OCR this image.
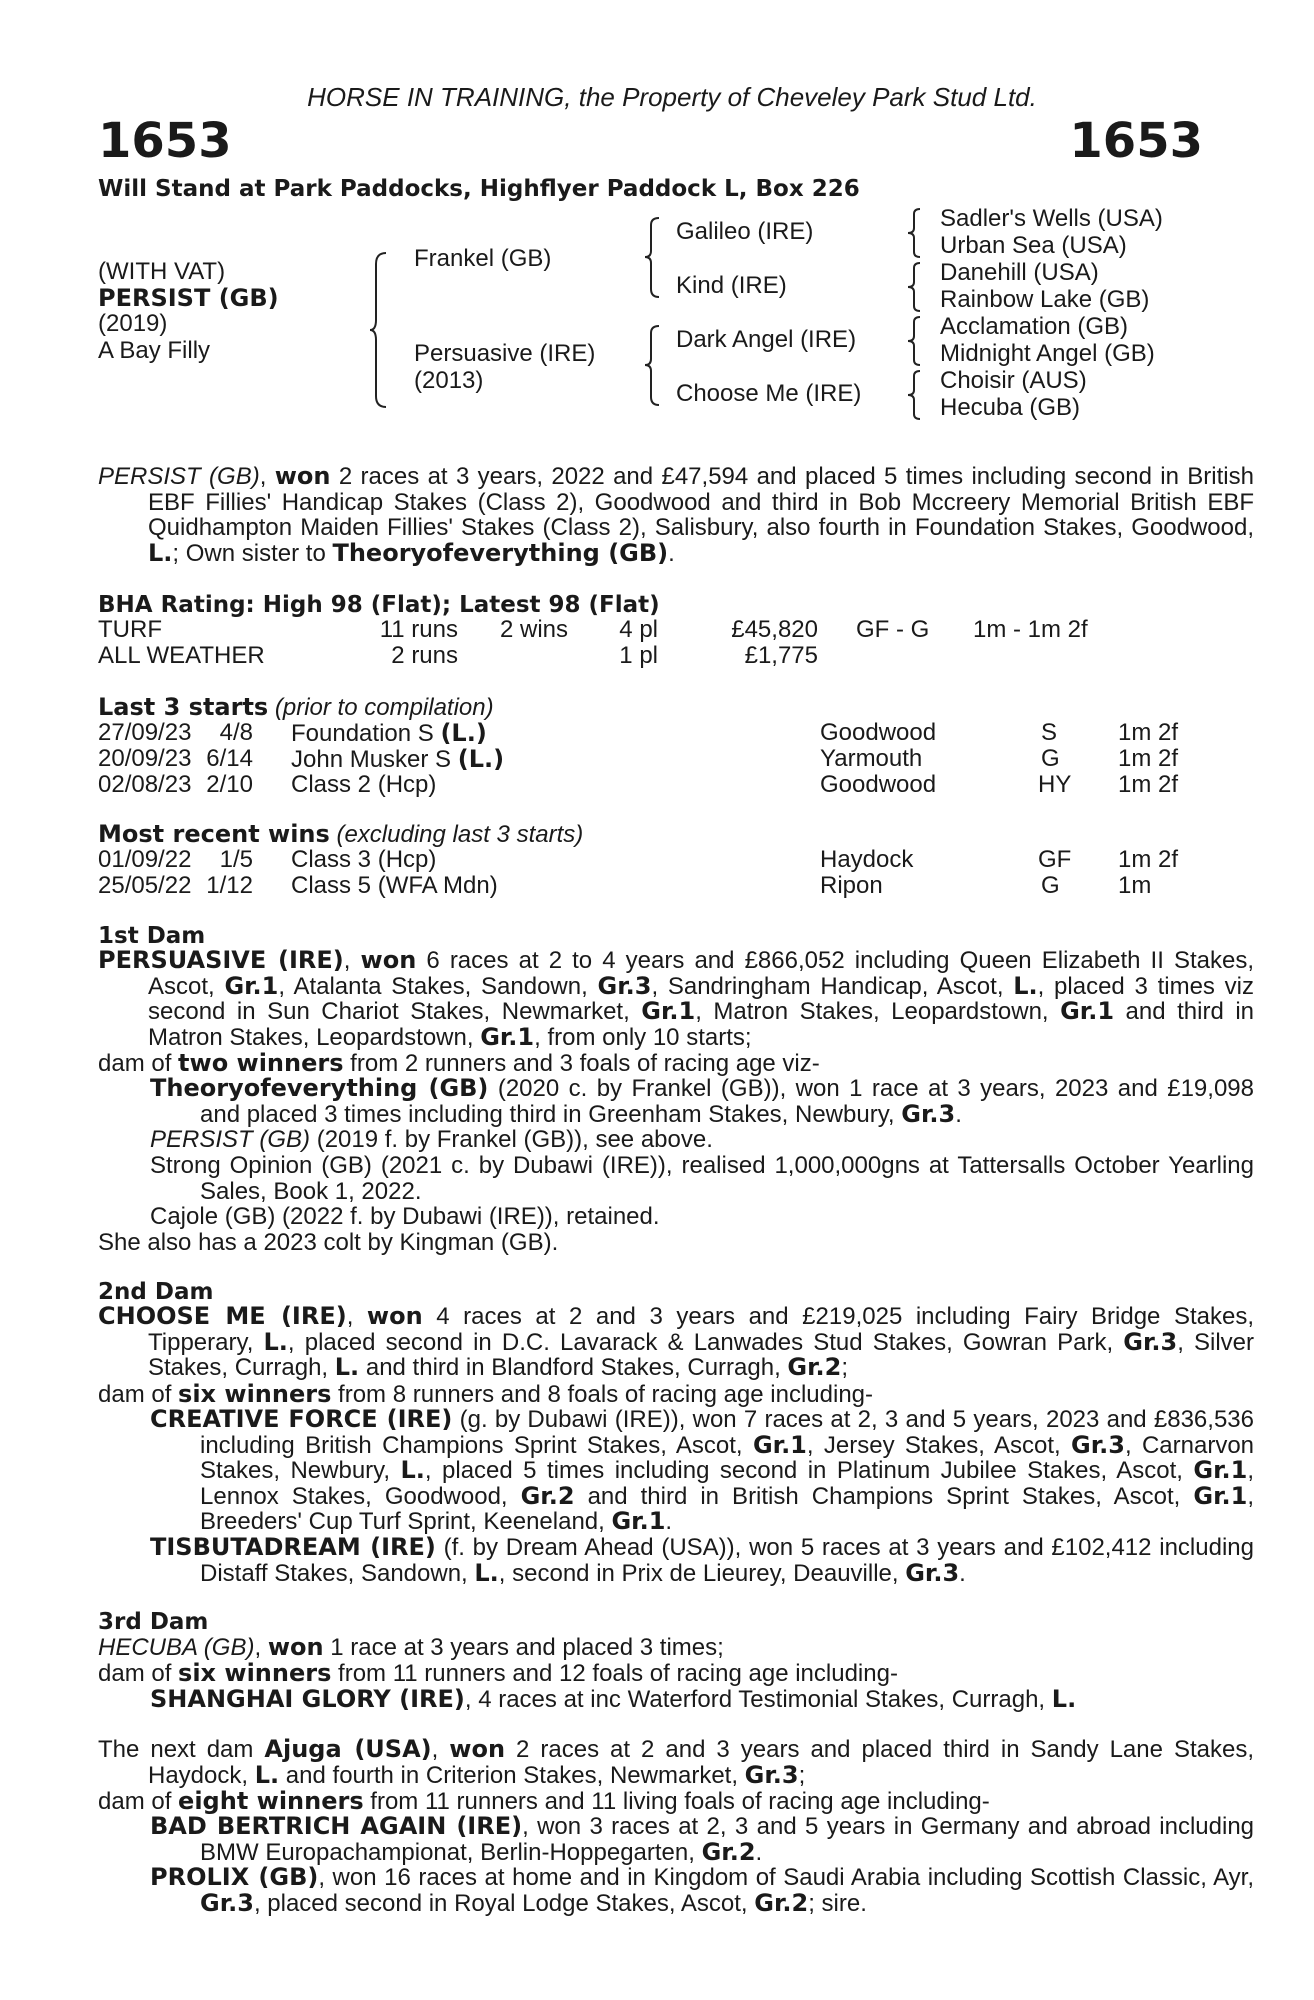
HORSE IN TRAINING, the Property of Cheveley Park Stud Ltd.
1653	1653
Will Stand at Park Paddocks, Highflyer Paddock L, Box 226
(WITH VAT)
PERSIST (GB)
(2019)
A Bay Filly
Frankel (GB)
Persuasive (IRE)
(2013)
Galileo (IRE)
Kind (IRE)
Dark Angel (IRE)
Choose Me (IRE)
Sadler's Wells (USA)
Urban Sea (USA)
Danehill (USA)
Rainbow Lake (GB)
Acclamation (GB)
Midnight Angel (GB)
Choisir (AUS)
Hecuba (GB)
PERSIST (GB), won 2 races at 3 years, 2022 and £47,594 and placed 5 times including second in British EBF Fillies' Handicap Stakes (Class 2), Goodwood and third in Bob Mccreery Memorial British EBF Quidhampton Maiden Fillies' Stakes (Class 2), Salisbury, also fourth in Foundation Stakes, Goodwood, L.; Own sister to Theoryofeverything (GB).
BHA Rating: High 98 (Flat); Latest 98 (Flat)
TURF	11 runs	2 wins	4 pl	£45,820 GF - G 1m - 1m 2f
ALL WEATHER	2 runs	1 pl	£1,775
Last 3 starts (prior to compilation)
27/09/23	4/8 Foundation S (L.)	Goodwood	S	1m 2f
20/09/23 6/14 John Musker S (L.)	Yarmouth	G 1m 2f
02/08/23 2/10 Class 2 (Hcp)	Goodwood	HY 1m 2f
Most recent wins (excluding last 3 starts)
01/09/22	1/5 Class 3 (Hcp)	Haydock	GF 1m 2f
25/05/22 1/12 Class 5 (WFA Mdn)	Ripon	G 1m
1st Dam
PERSUASIVE (IRE), won 6 races at 2 to 4 years and £866,052 including Queen Elizabeth II Stakes, Ascot, Gr.1, Atalanta Stakes, Sandown, Gr.3, Sandringham Handicap, Ascot, L., placed 3 times viz second in Sun Chariot Stakes, Newmarket, Gr.1, Matron Stakes, Leopardstown, Gr.1 and third in Matron Stakes, Leopardstown, Gr.1, from only 10 starts;
dam of two winners from 2 runners and 3 foals of racing age viz-
Theoryofeverything (GB) (2020 c. by Frankel (GB)), won 1 race at 3 years, 2023 and £19,098 and placed 3 times including third in Greenham Stakes, Newbury, Gr.3.
PERSIST (GB) (2019 f. by Frankel (GB)), see above.
Strong Opinion (GB) (2021 c. by Dubawi (IRE)), realised 1,000,000gns at Tattersalls October Yearling Sales, Book 1, 2022.
Cajole (GB) (2022 f. by Dubawi (IRE)), retained.
She also has a 2023 colt by Kingman (GB).
2nd Dam
CHOOSE ME (IRE), won 4 races at 2 and 3 years and £219,025 including Fairy Bridge Stakes, Tipperary, L., placed second in D.C. Lavarack & Lanwades Stud Stakes, Gowran Park, Gr.3, Silver Stakes, Curragh, L. and third in Blandford Stakes, Curragh, Gr.2;
dam of six winners from 8 runners and 8 foals of racing age including-
CREATIVE FORCE (IRE) (g. by Dubawi (IRE)), won 7 races at 2, 3 and 5 years, 2023 and £836,536 including British Champions Sprint Stakes, Ascot, Gr.1, Jersey Stakes, Ascot, Gr.3, Carnarvon Stakes, Newbury, L., placed 5 times including second in Platinum Jubilee Stakes, Ascot, Gr.1, Lennox Stakes, Goodwood, Gr.2 and third in British Champions Sprint Stakes, Ascot, Gr.1, Breeders' Cup Turf Sprint, Keeneland, Gr.1.
TISBUTADREAM (IRE) (f. by Dream Ahead (USA)), won 5 races at 3 years and £102,412 including Distaff Stakes, Sandown, L., second in Prix de Lieurey, Deauville, Gr.3.
3rd Dam
HECUBA (GB), won 1 race at 3 years and placed 3 times;
dam of six winners from 11 runners and 12 foals of racing age including-
SHANGHAI GLORY (IRE), 4 races at inc Waterford Testimonial Stakes, Curragh, L.
The next dam Ajuga (USA), won 2 races at 2 and 3 years and placed third in Sandy Lane Stakes, Haydock, L. and fourth in Criterion Stakes, Newmarket, Gr.3;
dam of eight winners from 11 runners and 11 living foals of racing age including-
BAD BERTRICH AGAIN (IRE), won 3 races at 2, 3 and 5 years in Germany and abroad including BMW Europachampionat, Berlin-Hoppegarten, Gr.2.
PROLIX (GB), won 16 races at home and in Kingdom of Saudi Arabia including Scottish Classic, Ayr, Gr.3, placed second in Royal Lodge Stakes, Ascot, Gr.2; sire.
